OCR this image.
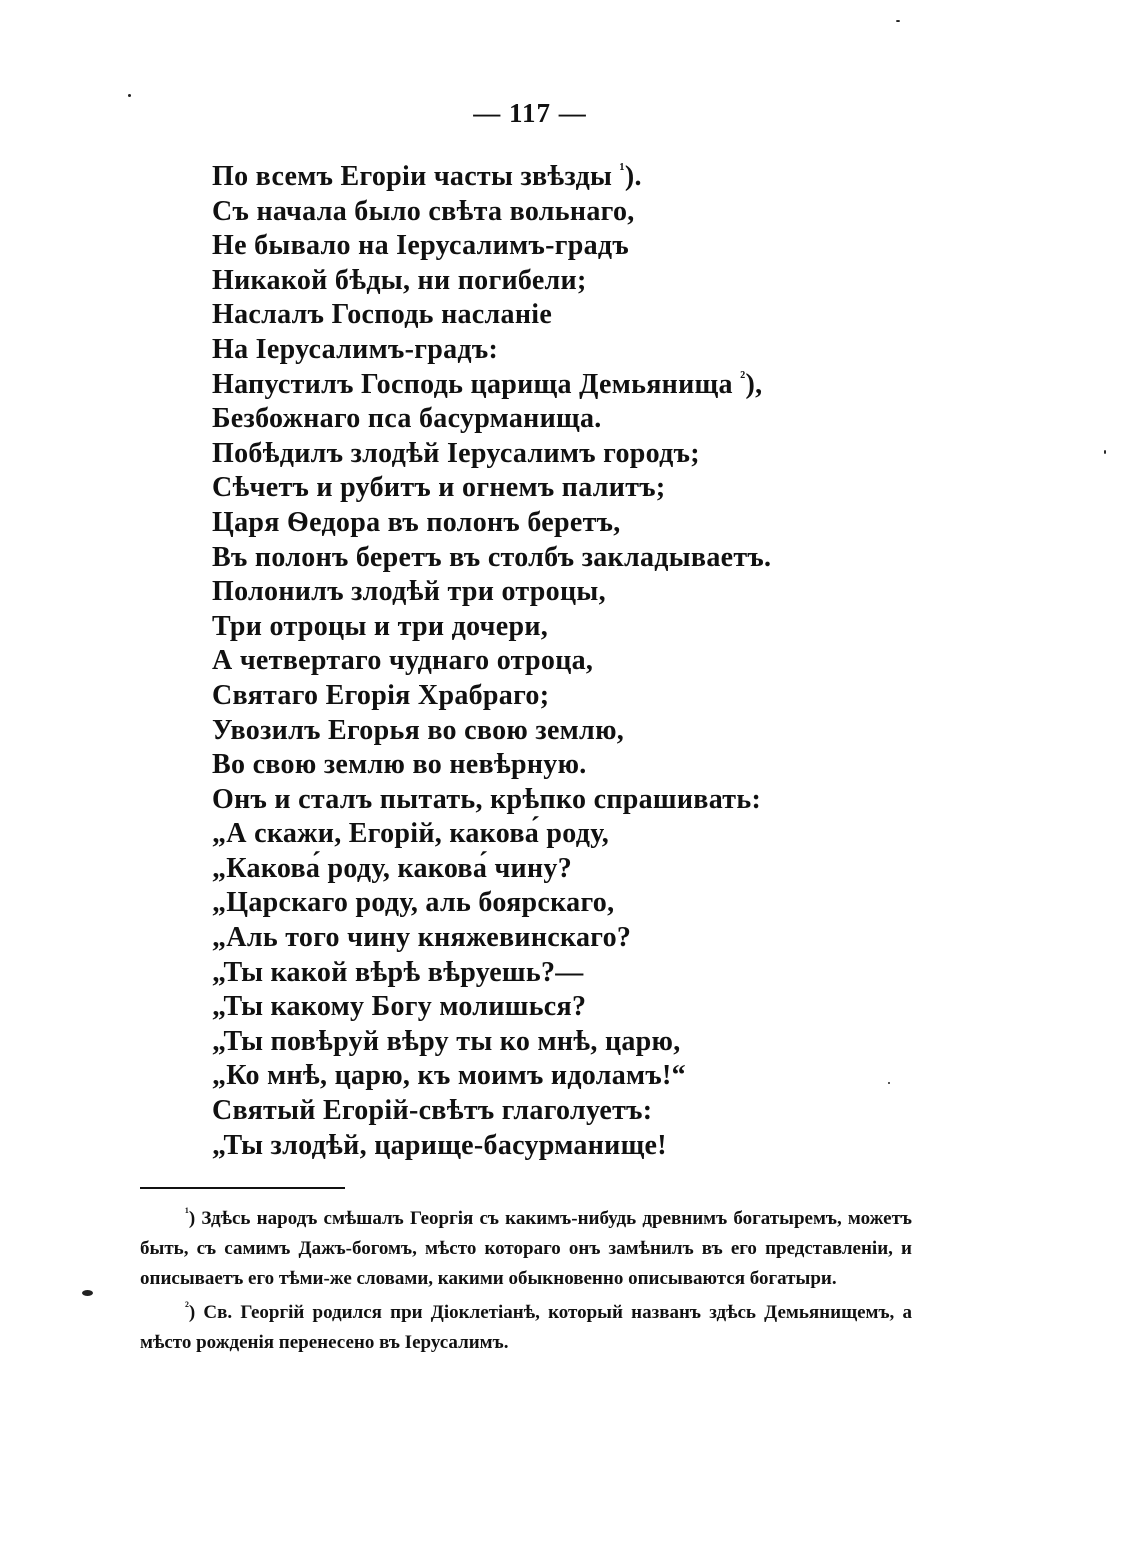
— 117 —
По всемъ Егоріи часты звѣзды $^{^1}$).
Съ начала было свѣта вольнаго,
Не бывало на Іерусалимъ-градъ
Никакой бѣды, ни погибели;
Наслалъ Господь насланіе
На Іерусалимъ-градъ:
Напустилъ Господь царища Демьянища $^{^2}$),
Безбожнаго пса басурманища.
Побѣдилъ злодѣй Іерусалимъ городъ;
Сѣчетъ и рубитъ и огнемъ палитъ;
Царя Ѳедора въ полонъ беретъ,
Въ полонъ беретъ въ столбъ закладываетъ.
Полонилъ злодѣй три отроцы,
Три отроцы и три дочери,
А четвертаго чуднаго отроца,
Святаго Егорія Храбраго;
Увозилъ Егорья во свою землю,
Во свою землю во невѣрную.
Онъ и сталъ пытать, крѣпко спрашивать:
„А скажи, Егорій, какова́ роду,
„Какова́ роду, какова́ чину?
„Царскаго роду, аль боярскаго,
„Аль того чину княжевинскаго?
„Ты какой вѣрѣ вѣруешь?—
„Ты какому Богу молишься?
„Ты повѣруй вѣру ты ко мнѣ, царю,
„Ко мнѣ, царю, къ моимъ идоламъ!“
Святый Егорій-свѣтъ глаголуетъ:
„Ты злодѣй, царище-басурманище!

$^{^1}$) Здѣсь народъ смѣшалъ Георгія съ какимъ-нибудь древнимъ богатыремъ, можетъ быть, съ самимъ Дажъ-богомъ, мѣсто котораго онъ замѣнилъ въ его представленіи, и описываетъ его тѣми-же словами, какими обыкновенно описываются богатыри.

$^{^2}$) Св. Георгій родился при Діоклетіанѣ, который названъ здѣсь Демьянищемъ, а мѣсто рожденія перенесено въ Іерусалимъ.
